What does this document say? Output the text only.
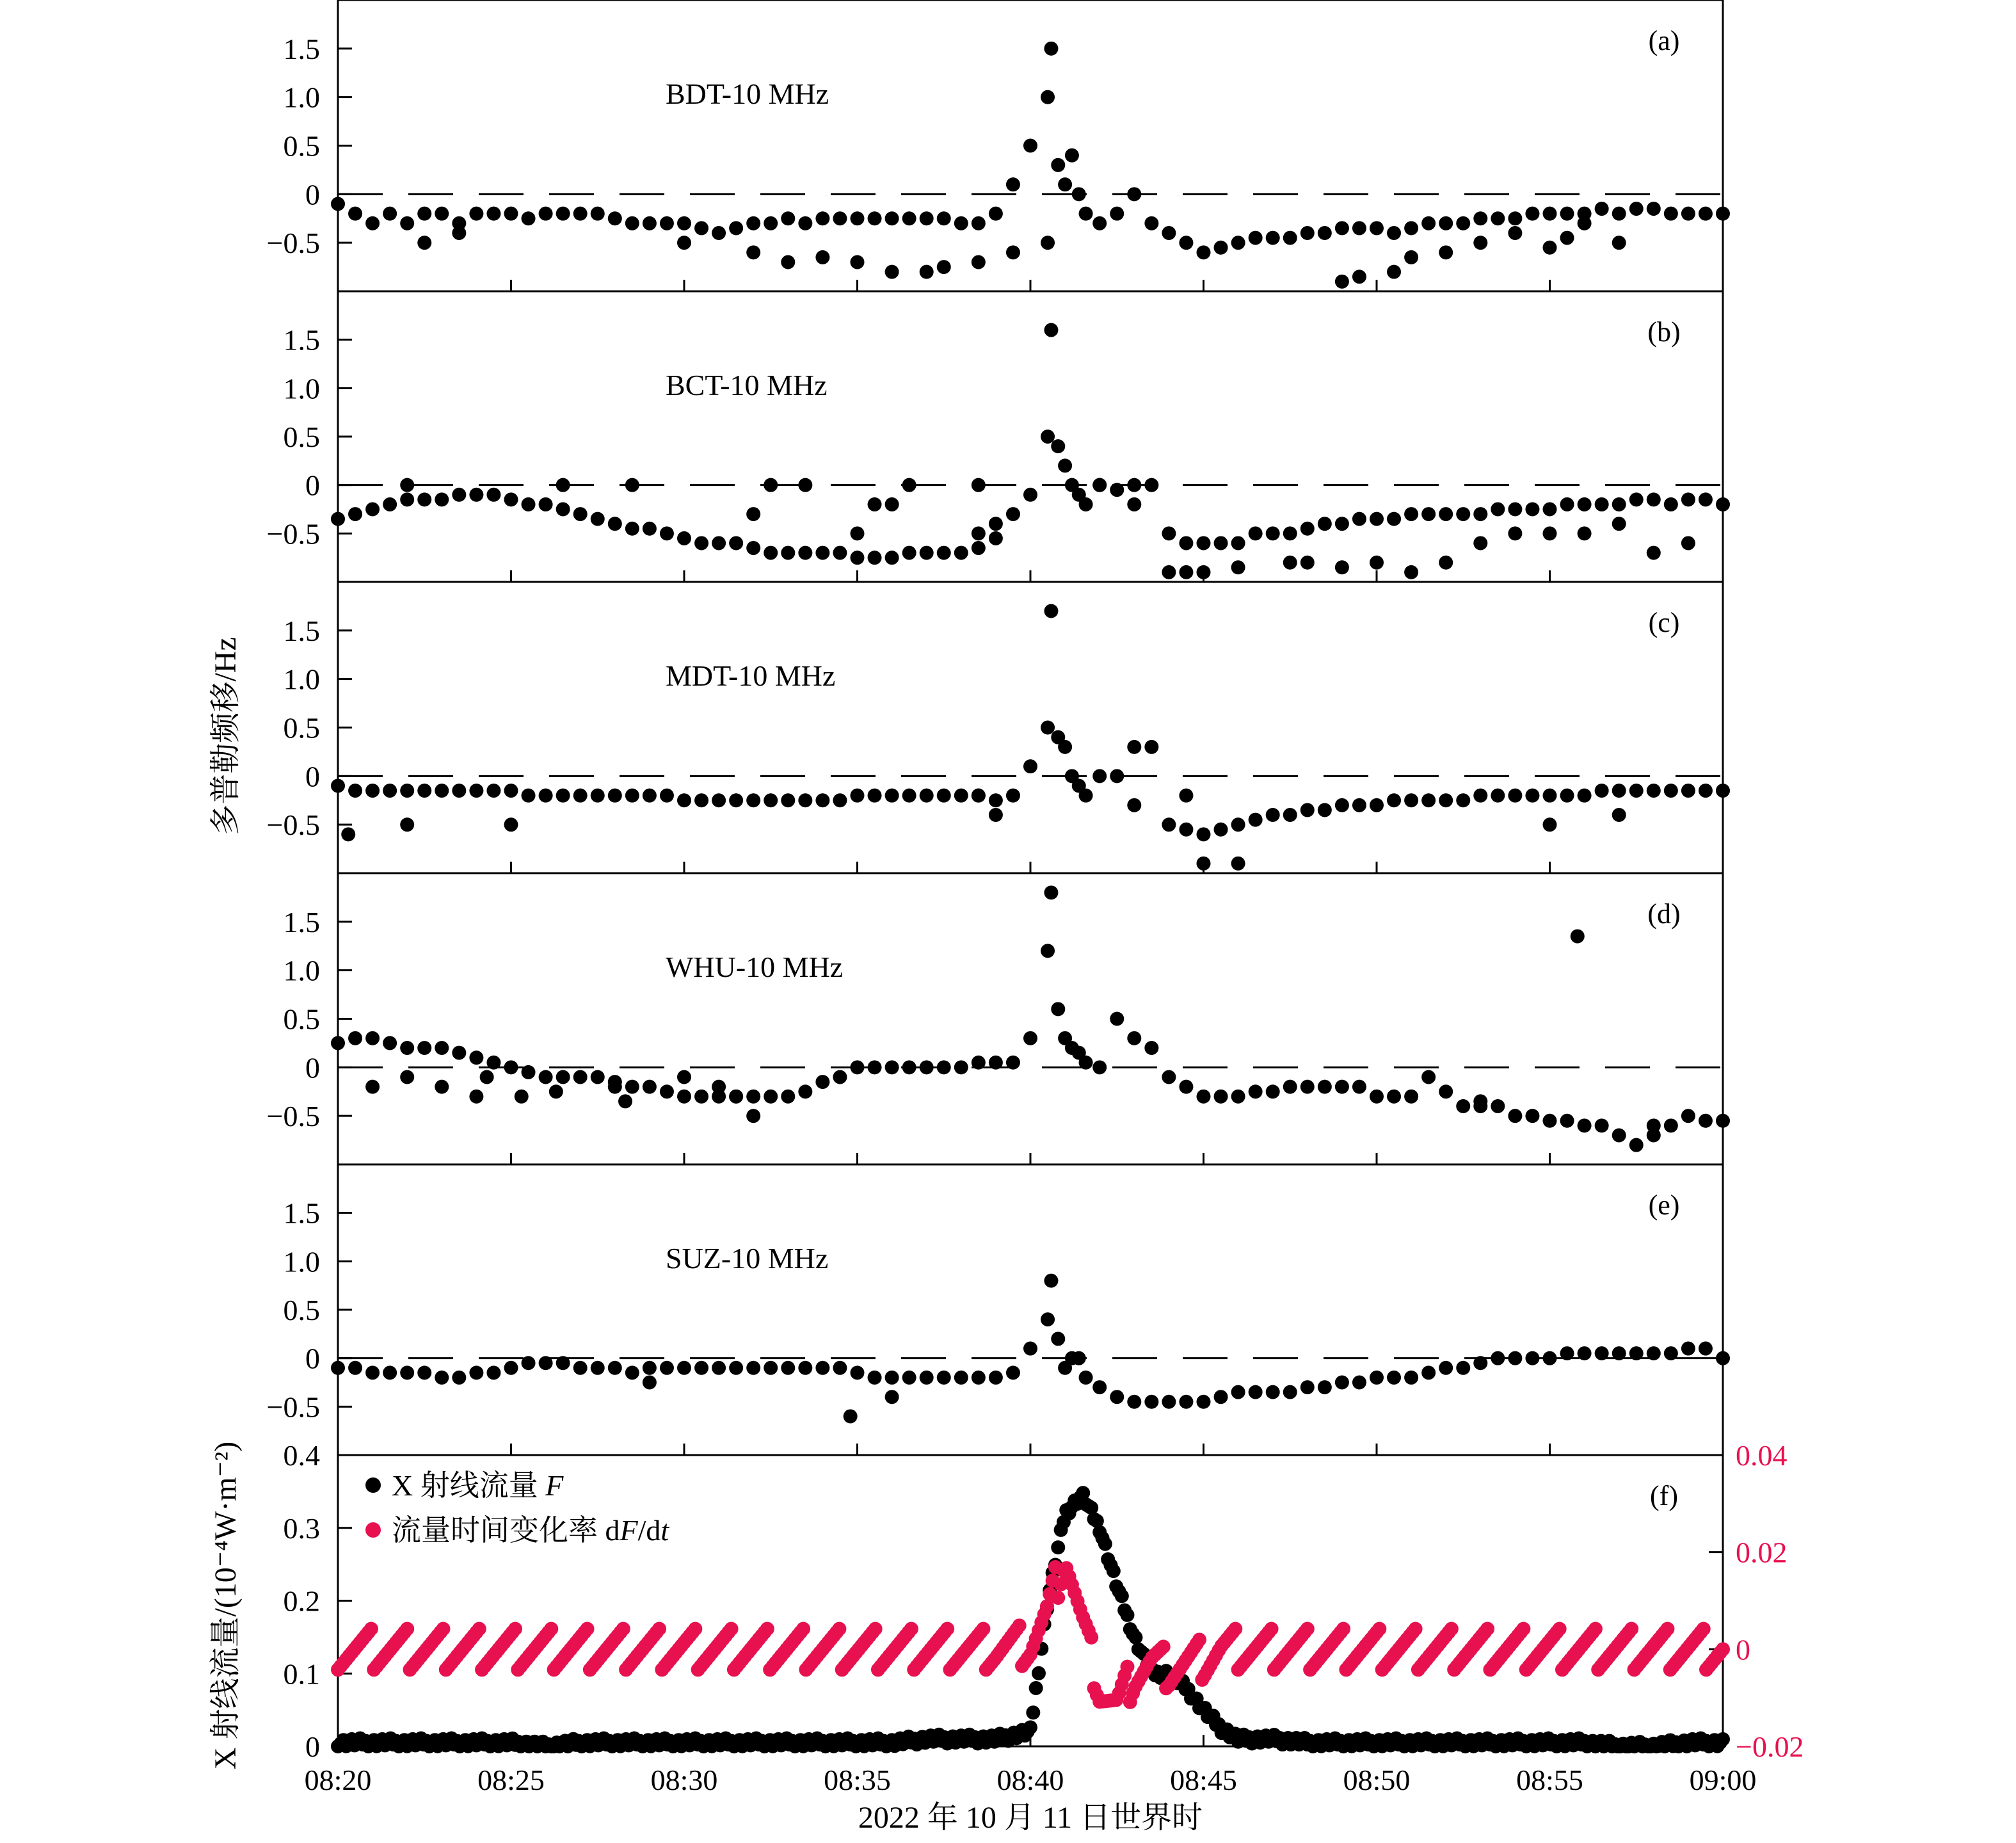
(a)
1.5
1.0
0.5
0
−0.5
BDT-10 MHz
(b)
1.5
1.0
0.5
0
−0.5
BCT-10 MHz
(c)
1.5
1.0
0.5
0
−0.5
MDT-10 MHz
(d)
1.5
1.0
0.5
0
−0.5
WHU-10 MHz
(e)
1.5
1.0
0.5
0
−0.5
SUZ-10 MHz
(f)
0.4
0.3
0.2
0.1
0
0.04
0.02
0
−0.02
08:20	08:25	08:30	08:35	08:40	08:45	08:50	08:55	09:00
多普勒频移/Hz
X 射线流量/(10⁻⁴W·m⁻²)
2022 年 10 月 11 日世界时
X 射线流量 F
流量时间变化率 dF/dt
